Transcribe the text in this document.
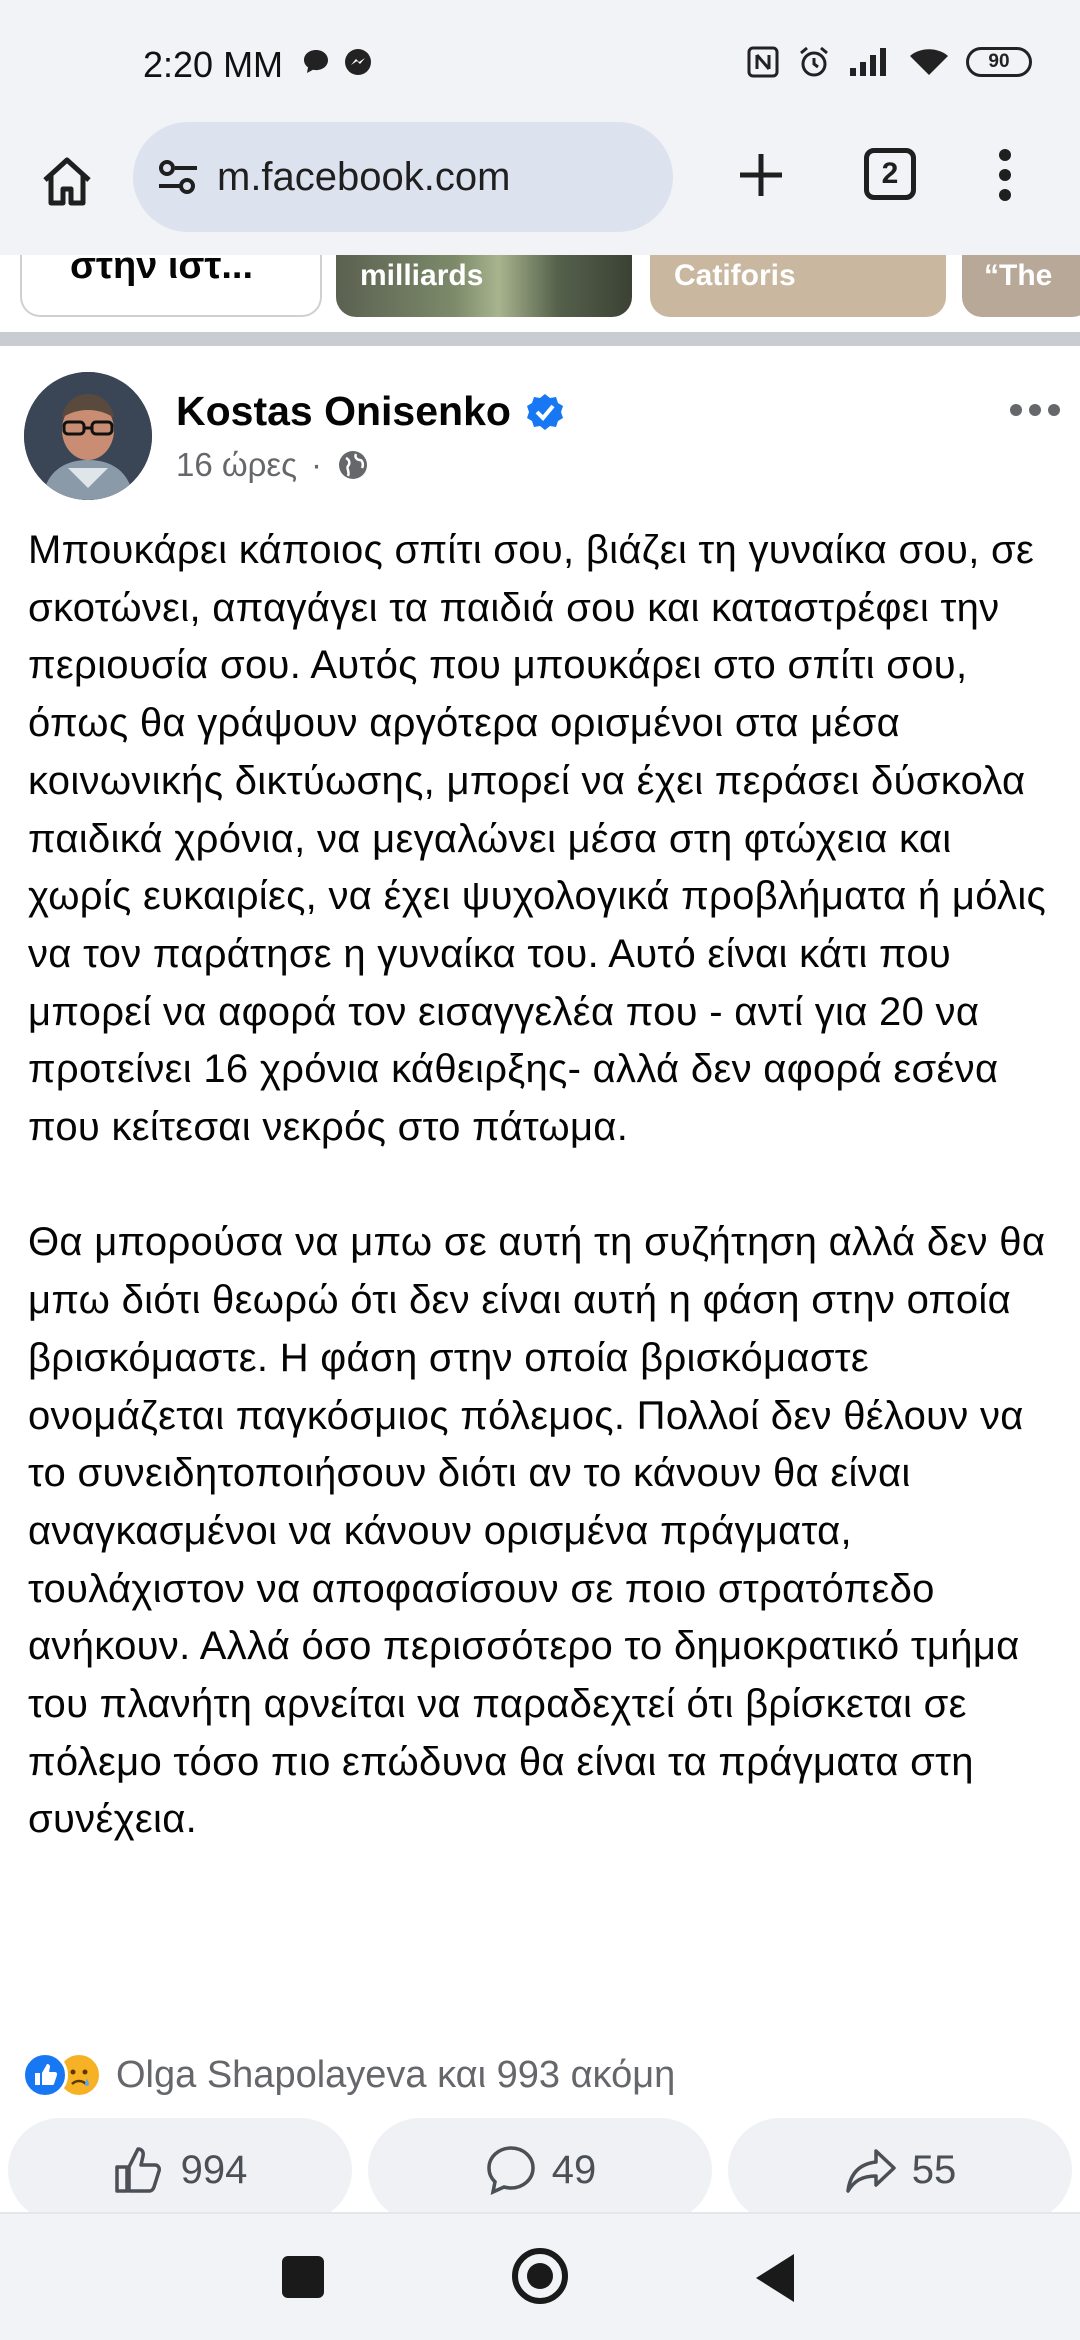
2:20 ΜΜ	90
m.facebook.com	2
στην ιστ...	milliards	Catiforis	“The
Kostas Onisenko
16 ώρες ·
Μπουκάρει κάποιος σπίτι σου, βιάζει τη γυναίκα σου, σε σκοτώνει, απαγάγει τα παιδιά σου και καταστρέφει την περιουσία σου. Αυτός που μπουκάρει στο σπίτι σου, όπως θα γράψουν αργότερα ορισμένοι στα μέσα κοινωνικής δικτύωσης, μπορεί να έχει περάσει δύσκολα παιδικά χρόνια, να μεγαλώνει μέσα στη φτώχεια και χωρίς ευκαιρίες, να έχει ψυχολογικά προβλήματα ή μόλις να τον παράτησε η γυναίκα του. Αυτό είναι κάτι που μπορεί να αφορά τον εισαγγελέα που - αντί για 20 να προτείνει 16 χρόνια κάθειρξης- αλλά δεν αφορά εσένα που κείτεσαι νεκρός στο πάτωμα.

Θα μπορούσα να μπω σε αυτή τη συζήτηση αλλά δεν θα μπω διότι θεωρώ ότι δεν είναι αυτή η φάση στην οποία βρισκόμαστε. Η φάση στην οποία βρισκόμαστε ονομάζεται παγκόσμιος πόλεμος. Πολλοί δεν θέλουν να το συνειδητοποιήσουν διότι αν το κάνουν θα είναι αναγκασμένοι να κάνουν ορισμένα πράγματα, τουλάχιστον να αποφασίσουν σε ποιο στρατόπεδο ανήκουν. Αλλά όσο περισσότερο το δημοκρατικό τμήμα του πλανήτη αρνείται να παραδεχτεί ότι βρίσκεται σε πόλεμο τόσο πιο επώδυνα θα είναι τα πράγματα στη συνέχεια.
Olga Shapolayeva και 993 ακόμη
994	49	55
